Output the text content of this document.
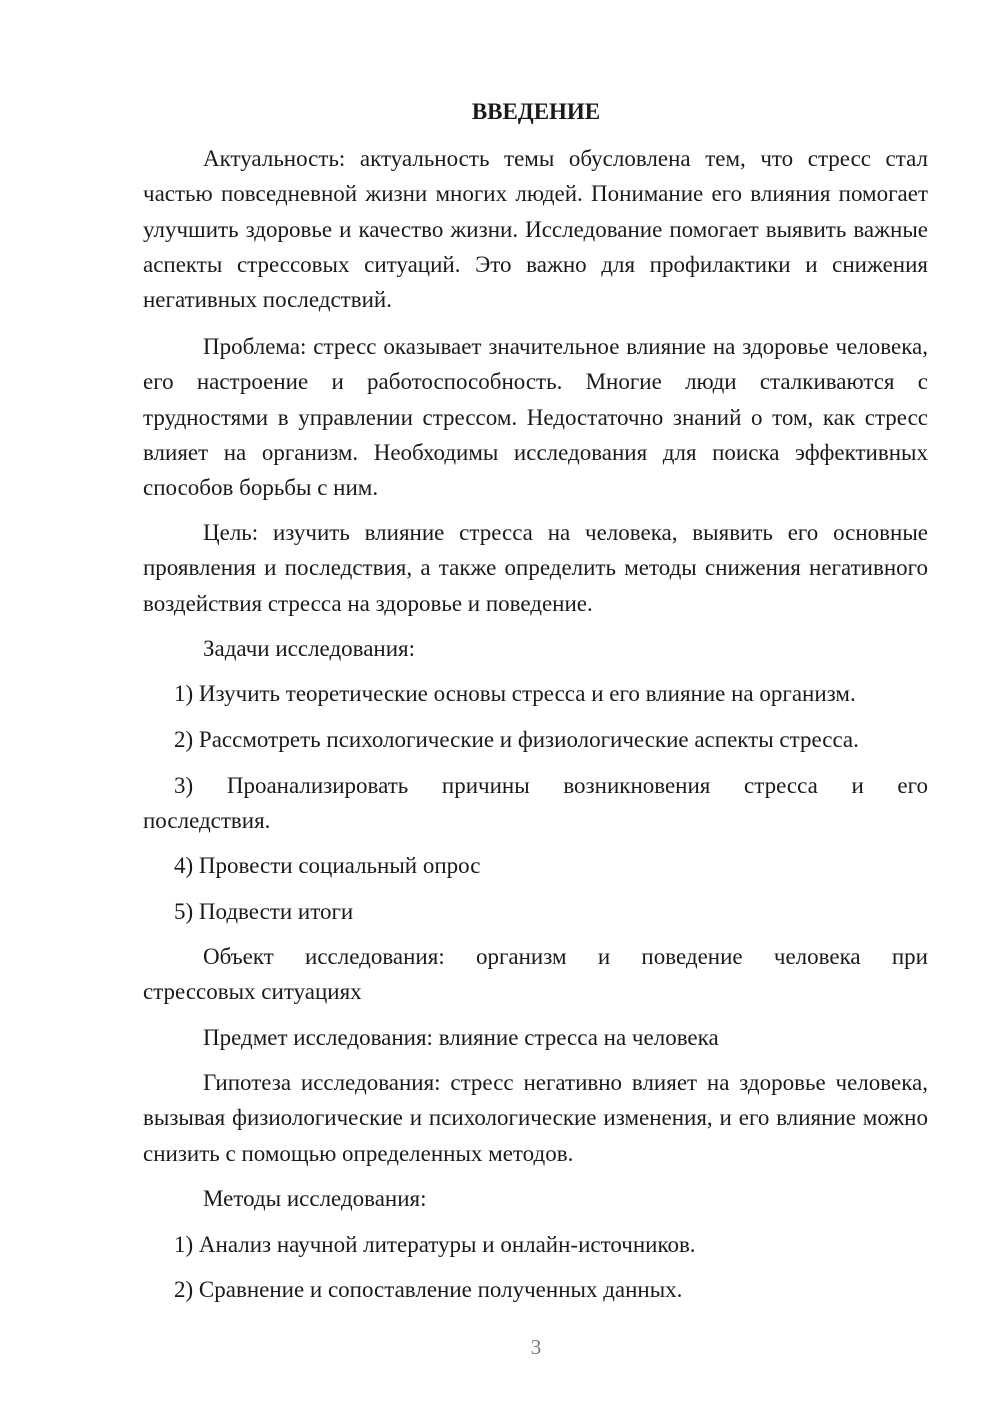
ВВЕДЕНИЕ

Актуальность: актуальность темы обусловлена тем, что стресс стал частью повседневной жизни многих людей. Понимание его влияния помогает улучшить здоровье и качество жизни. Исследование помогает выявить важные аспекты стрессовых ситуаций. Это важно для профилактики и снижения негативных последствий.

Проблема: стресс оказывает значительное влияние на здоровье человека, его настроение и работоспособность. Многие люди сталкиваются с трудностями в управлении стрессом. Недостаточно знаний о том, как стресс влияет на организм. Необходимы исследования для поиска эффективных способов борьбы с ним.

Цель: изучить влияние стресса на человека, выявить его основные проявления и последствия, а также определить методы снижения негативного воздействия стресса на здоровье и поведение.

Задачи исследования:

1) Изучить теоретические основы стресса и его влияние на организм.

2) Рассмотреть психологические и физиологические аспекты стресса.

3) Проанализировать причины возникновения стресса и его

последствия.

4) Провести социальный опрос

5) Подвести итоги

Объект исследования: организм и поведение человека при

стрессовых ситуациях

Предмет исследования: влияние стресса на человека

Гипотеза исследования: стресс негативно влияет на здоровье человека, вызывая физиологические и психологические изменения, и его влияние можно снизить с помощью определенных методов.

Методы исследования:

1) Анализ научной литературы и онлайн-источников.

2) Сравнение и сопоставление полученных данных.

3
